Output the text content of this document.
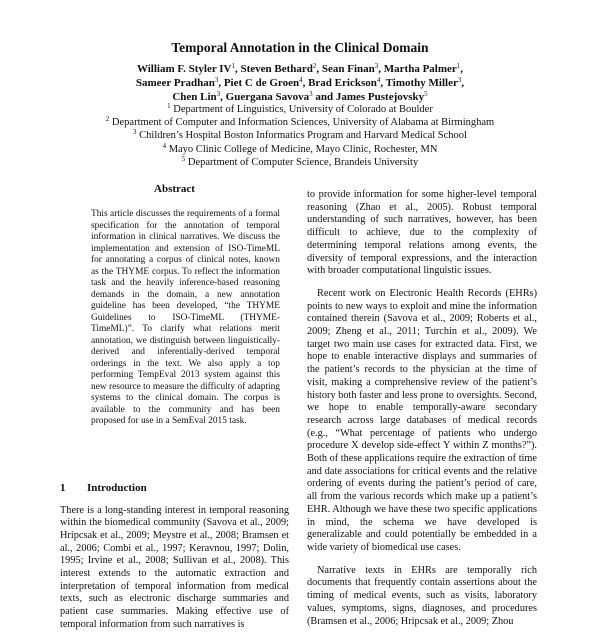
Temporal Annotation in the Clinical Domain
William F. Styler $IV^1$, Steven Bethard$^2$, Sean Finan$^3$, Martha Palmer$^1$,
Sameer Pradhan$^3$, Piet C de Groen$^4$, Brad Erickson$^4$, Timothy Miller$^3$,
Chen Lin$^3$, Guergana Savova$^3$ and James Pustejovsky$^5$
$^1$ Department of Linguistics, University of Colorado at Boulder
$^2$ Department of Computer and Information Sciences, University of Alabama at Birmingham
$^3$ Children’s Hospital Boston Informatics Program and Harvard Medical School
$^4$ Mayo Clinic College of Medicine, Mayo Clinic, Rochester, MN
$^5$ Department of Computer Science, Brandeis University
Abstract
This article discusses the requirements of a formal specification for the annotation of temporal information in clinical narratives. We discuss the implementation and extension of ISO-TimeML for annotating a corpus of clinical notes, known as the THYME corpus. To reflect the information task and the heavily inference-based reasoning demands in the domain, a new annotation guideline has been developed, “the THYME Guidelines to ISO-TimeML (THYME-TimeML)”. To clarify what relations merit annotation, we distinguish between linguistically-derived and inferentially-derived temporal orderings in the text. We also apply a top performing TempEval 2013 system against this new resource to measure the difficulty of adapting systems to the clinical domain. The corpus is available to the community and has been proposed for use in a SemEval 2015 task.
1 Introduction

There is a long-standing interest in temporal reasoning within the biomedical community (Savova et al., 2009; Hripcsak et al., 2009; Meystre et al., 2008; Bramsen et al., 2006; Combi et al., 1997; Keravnou, 1997; Dolin, 1995; Irvine et al., 2008; Sullivan et al., 2008). This interest extends to the automatic extraction and interpretation of temporal information from medical texts, such as electronic discharge summaries and patient case summaries. Making effective use of temporal information from such narratives is

to provide information for some higher-level temporal reasoning (Zhao et al., 2005). Robust temporal understanding of such narratives, however, has been difficult to achieve, due to the complexity of determining temporal relations among events, the diversity of temporal expressions, and the interaction with broader computational linguistic issues.

Recent work on Electronic Health Records (EHRs) points to new ways to exploit and mine the information contained therein (Savova et al., 2009; Roberts et al., 2009; Zheng et al., 2011; Turchin et al., 2009). We target two main use cases for extracted data. First, we hope to enable interactive displays and summaries of the patient’s records to the physician at the time of visit, making a comprehensive review of the patient’s history both faster and less prone to oversights. Second, we hope to enable temporally-aware secondary research across large databases of medical records (e.g., “What percentage of patients who undergo procedure X develop side-effect Y within Z months?”). Both of these applications require the extraction of time and date associations for critical events and the relative ordering of events during the patient’s period of care, all from the various records which make up a patient’s EHR. Although we have these two specific applications in mind, the schema we have developed is generalizable and could potentially be embedded in a wide variety of biomedical use cases.

Narrative texts in EHRs are temporally rich documents that frequently contain assertions about the timing of medical events, such as visits, laboratory values, symptoms, signs, diagnoses, and procedures (Bramsen et al., 2006; Hripcsak et al., 2009; Zhou
